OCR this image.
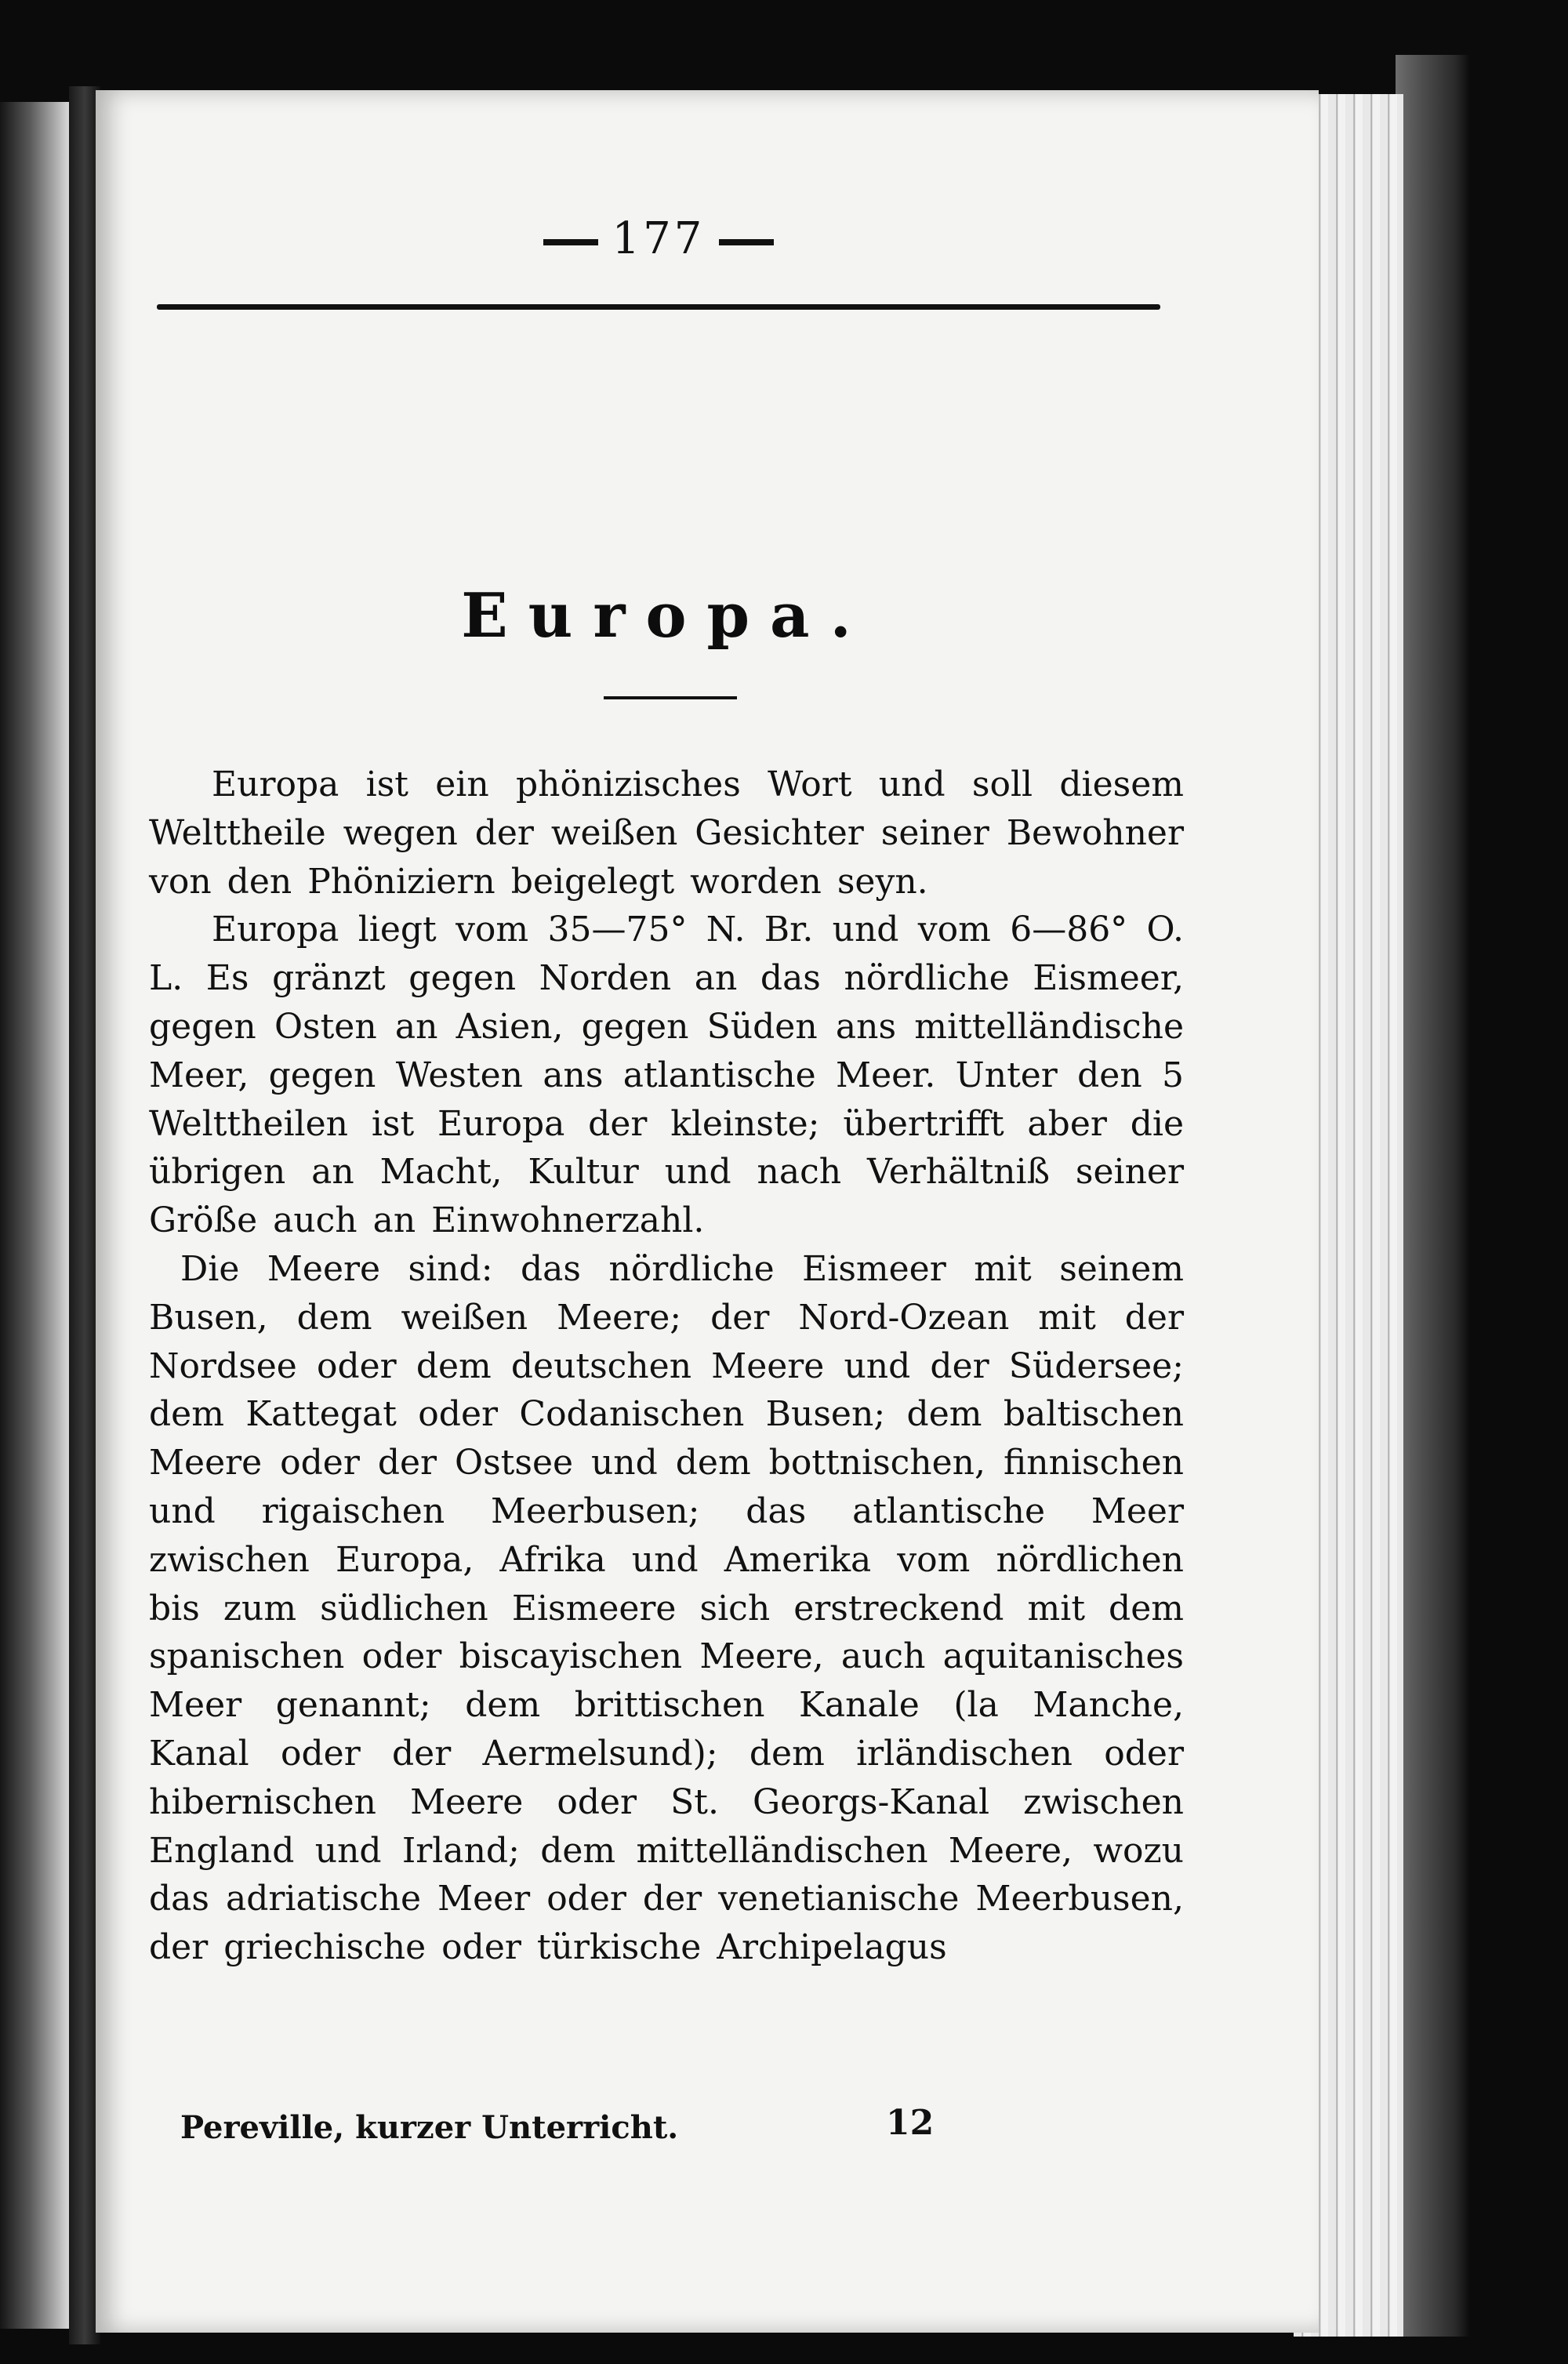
177
Europa.

Europa ist ein phönizisches Wort und soll diesem Welttheile wegen der weißen Gesichter seiner Bewohner von den Phöniziern beigelegt worden seyn.

Europa liegt vom 35—75° N. Br. und vom 6—86° O. L. Es gränzt gegen Norden an das nördliche Eismeer, gegen Osten an Asien, gegen Süden ans mittelländische Meer, gegen Westen ans atlantische Meer. Unter den 5 Welttheilen ist Europa der kleinste; übertrifft aber die übrigen an Macht, Kultur und nach Verhältniß seiner Größe auch an Einwohnerzahl.

Die Meere sind: das nördliche Eismeer mit seinem Busen, dem weißen Meere; der Nord-Ozean mit der Nordsee oder dem deutschen Meere und der Südersee; dem Kattegat oder Codanischen Busen; dem baltischen Meere oder der Ostsee und dem bottnischen, finnischen und rigaischen Meerbusen; das atlantische Meer zwischen Europa, Afrika und Amerika vom nördlichen bis zum südlichen Eismeere sich erstreckend mit dem spanischen oder biscayischen Meere, auch aquitanisches Meer genannt; dem brittischen Kanale (la Manche, Kanal oder der Aermelsund); dem irländischen oder hibernischen Meere oder St. Georgs-Kanal zwischen England und Irland; dem mittelländischen Meere, wozu das adriatische Meer oder der venetianische Meerbusen, der griechische oder türkische Archipelagus

Pereville, kurzer Unterricht.	12
